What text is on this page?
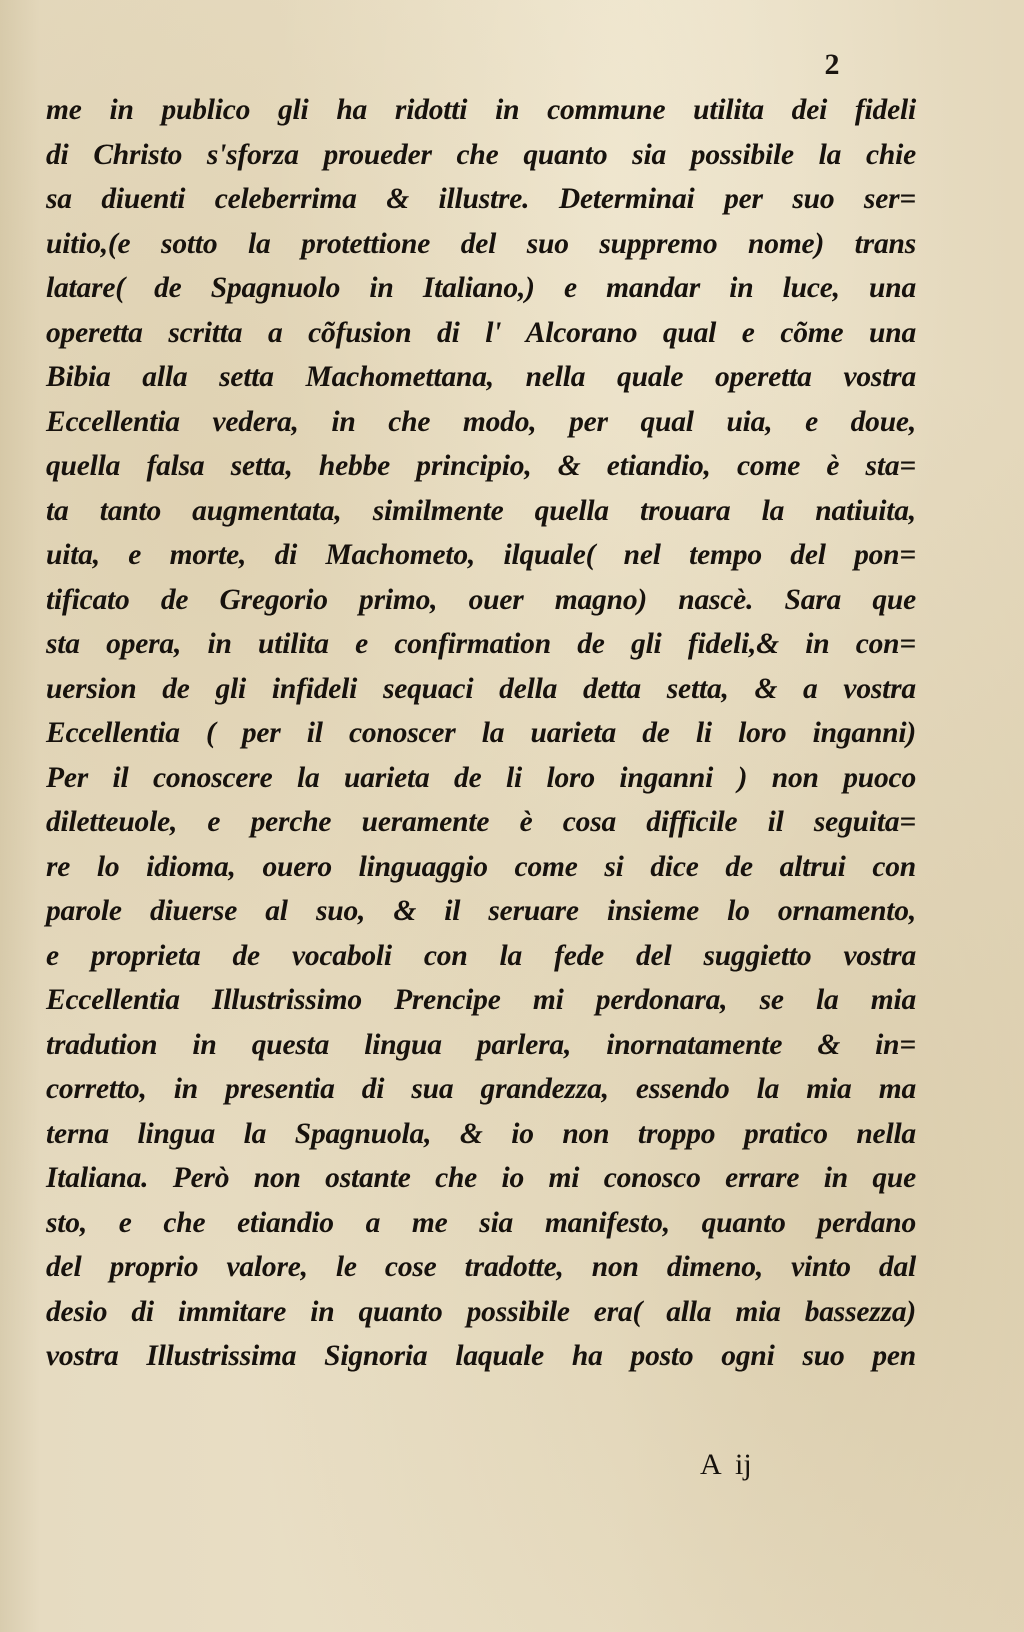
2
me in publico gli ha ridotti in commune utilita dei fideli
di Christo s'sforza proueder che quanto sia possibile la chie
sa diuenti celeberrima & illustre. Determinai per suo ser=
uitio,(e sotto la protettione del suo suppremo nome) trans
latare( de Spagnuolo in Italiano,) e mandar in luce, una
operetta scritta a cõfusion di l' Alcorano qual e cõme una
Bibia alla setta Machomettana, nella quale operetta vostra
Eccellentia vedera, in che modo, per qual uia, e doue,
quella falsa setta, hebbe principio, & etiandio, come è sta=
ta tanto augmentata, similmente quella trouara la natiuita,
uita, e morte, di Machometo, ilquale( nel tempo del pon=
tificato de Gregorio primo, ouer magno) nascè. Sara que
sta opera, in utilita e confirmation de gli fideli,& in con=
uersion de gli infideli sequaci della detta setta, & a vostra
Eccellentia ( per il conoscer la uarieta de li loro inganni)
Per il conoscere la uarieta de li loro inganni ) non puoco
diletteuole, e perche ueramente è cosa difficile il seguita=
re lo idioma, ouero linguaggio come si dice de altrui con
parole diuerse al suo, & il seruare insieme lo ornamento,
e proprieta de vocaboli con la fede del suggietto vostra
Eccellentia Illustrissimo Prencipe mi perdonara, se la mia
tradution in questa lingua parlera, inornatamente & in=
corretto, in presentia di sua grandezza, essendo la mia ma
terna lingua la Spagnuola, & io non troppo pratico nella
Italiana. Però non ostante che io mi conosco errare in que
sto, e che etiandio a me sia manifesto, quanto perdano
del proprio valore, le cose tradotte, non dimeno, vinto dal
desio di immitare in quanto possibile era( alla mia bassezza)
vostra Illustrissima Signoria laquale ha posto ogni suo pen
A  ij
